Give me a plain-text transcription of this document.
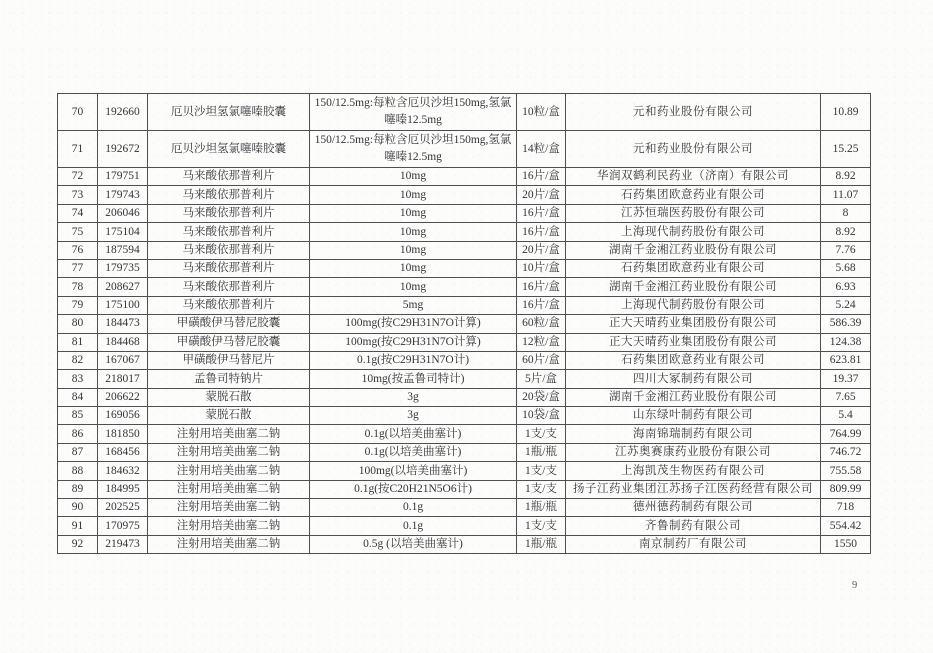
70	192660	厄贝沙坦氢氯噻嗪胶囊	150/12.5mg:每粒含厄贝沙坦150mg,氢氯噻嗪12.5mg	10粒/盒	元和药业股份有限公司	10.89
71	192672	厄贝沙坦氢氯噻嗪胶囊	150/12.5mg:每粒含厄贝沙坦150mg,氢氯噻嗪12.5mg	14粒/盒	元和药业股份有限公司	15.25
72	179751	马来酸依那普利片	10mg	16片/盒	华润双鹤利民药业（济南）有限公司	8.92
73	179743	马来酸依那普利片	10mg	20片/盒	石药集团欧意药业有限公司	11.07
74	206046	马来酸依那普利片	10mg	16片/盒	江苏恒瑞医药股份有限公司	8
75	175104	马来酸依那普利片	10mg	16片/盒	上海现代制药股份有限公司	8.92
76	187594	马来酸依那普利片	10mg	20片/盒	湖南千金湘江药业股份有限公司	7.76
77	179735	马来酸依那普利片	10mg	10片/盒	石药集团欧意药业有限公司	5.68
78	208627	马来酸依那普利片	10mg	16片/盒	湖南千金湘江药业股份有限公司	6.93
79	175100	马来酸依那普利片	5mg	16片/盒	上海现代制药股份有限公司	5.24
80	184473	甲磺酸伊马替尼胶囊	100mg(按C29H31N7O计算)	60粒/盒	正大天晴药业集团股份有限公司	586.39
81	184468	甲磺酸伊马替尼胶囊	100mg(按C29H31N7O计算)	12粒/盒	正大天晴药业集团股份有限公司	124.38
82	167067	甲磺酸伊马替尼片	0.1g(按C29H31N7O计)	60片/盒	石药集团欧意药业有限公司	623.81
83	218017	孟鲁司特钠片	10mg(按孟鲁司特计)	5片/盒	四川大冢制药有限公司	19.37
84	206622	蒙脱石散	3g	20袋/盒	湖南千金湘江药业股份有限公司	7.65
85	169056	蒙脱石散	3g	10袋/盒	山东绿叶制药有限公司	5.4
86	181850	注射用培美曲塞二钠	0.1g(以培美曲塞计)	1支/支	海南锦瑞制药有限公司	764.99
87	168456	注射用培美曲塞二钠	0.1g(以培美曲塞计)	1瓶/瓶	江苏奥赛康药业股份有限公司	746.72
88	184632	注射用培美曲塞二钠	100mg(以培美曲塞计)	1支/支	上海凯茂生物医药有限公司	755.58
89	184995	注射用培美曲塞二钠	0.1g(按C20H21N5O6计)	1支/支	扬子江药业集团江苏扬子江医药经营有限公司	809.99
90	202525	注射用培美曲塞二钠	0.1g	1瓶/瓶	德州德药制药有限公司	718
91	170975	注射用培美曲塞二钠	0.1g	1支/支	齐鲁制药有限公司	554.42
92	219473	注射用培美曲塞二钠	0.5g (以培美曲塞计)	1瓶/瓶	南京制药厂有限公司	1550
9
